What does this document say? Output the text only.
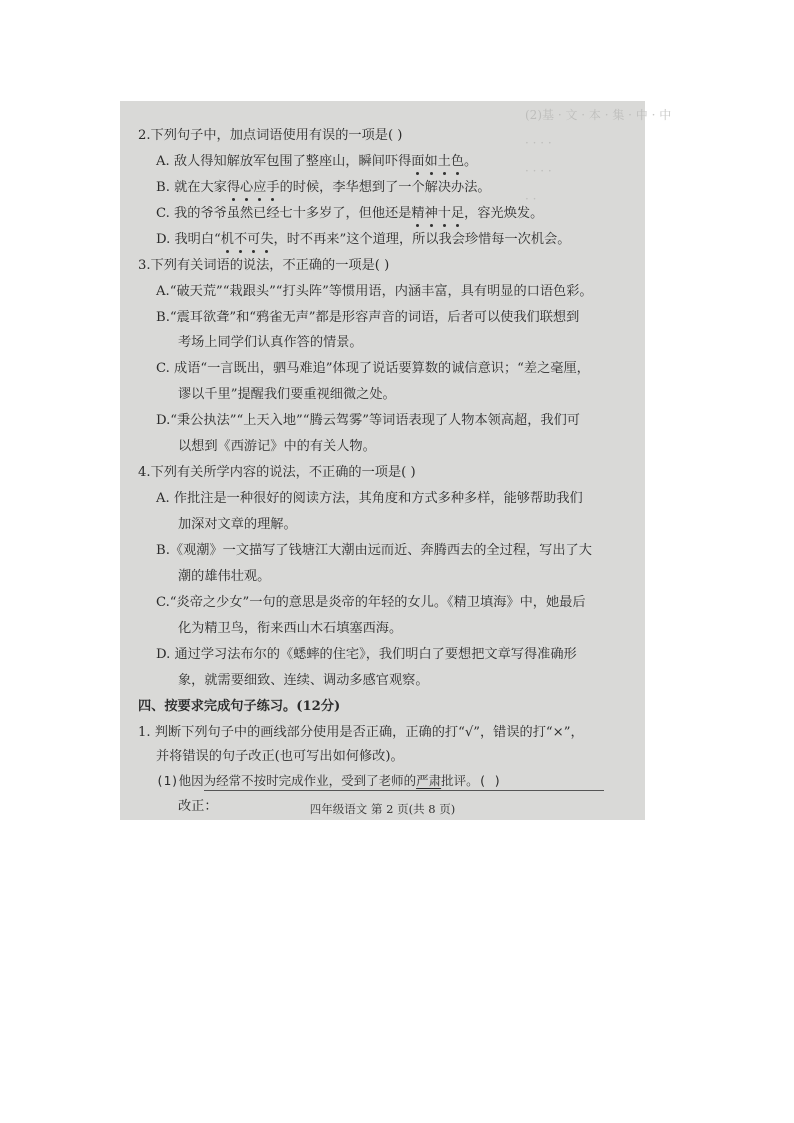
(2)基 · 文 · 本 · 集 · 中 · 中
· · · ·
· · · ·
· ·
2.下列句子中，加点词语使用有误的一项是( )
A. 敌人得知解放军包围了整座山，瞬间吓得面如土色。
B. 就在大家得心应手的时候，李华想到了一个解决办法。
C. 我的爷爷虽然已经七十多岁了，但他还是精神十足，容光焕发。
D. 我明白“机不可失，时不再来”这个道理，所以我会珍惜每一次机会。
3.下列有关词语的说法，不正确的一项是( )
A.“破天荒”“栽跟头”“打头阵”等惯用语，内涵丰富，具有明显的口语色彩。
B.“震耳欲聋”和“鸦雀无声”都是形容声音的词语，后者可以使我们联想到
考场上同学们认真作答的情景。
C. 成语“一言既出，驷马难追”体现了说话要算数的诚信意识；“差之毫厘，
谬以千里”提醒我们要重视细微之处。
D.“秉公执法”“上天入地”“腾云驾雾”等词语表现了人物本领高超，我们可
以想到《西游记》中的有关人物。
4.下列有关所学内容的说法，不正确的一项是( )
A. 作批注是一种很好的阅读方法，其角度和方式多种多样，能够帮助我们
加深对文章的理解。
B.《观潮》一文描写了钱塘江大潮由远而近、奔腾西去的全过程，写出了大
潮的雄伟壮观。
C.“炎帝之少女”一句的意思是炎帝的年轻的女儿。《精卫填海》中，她最后
化为精卫鸟，衔来西山木石填塞西海。
D. 通过学习法布尔的《蟋蟀的住宅》，我们明白了要想把文章写得准确形
象，就需要细致、连续、调动多感官观察。
四、按要求完成句子练习。(12分)
1. 判断下列句子中的画线部分使用是否正确，正确的打“√”，错误的打“×”，
并将错误的句子改正(也可写出如何修改)。
(1)他因为经常不按时完成作业，受到了老师的严肃批评。( )
改正：	四年级语文 第 2 页(共 8 页)
